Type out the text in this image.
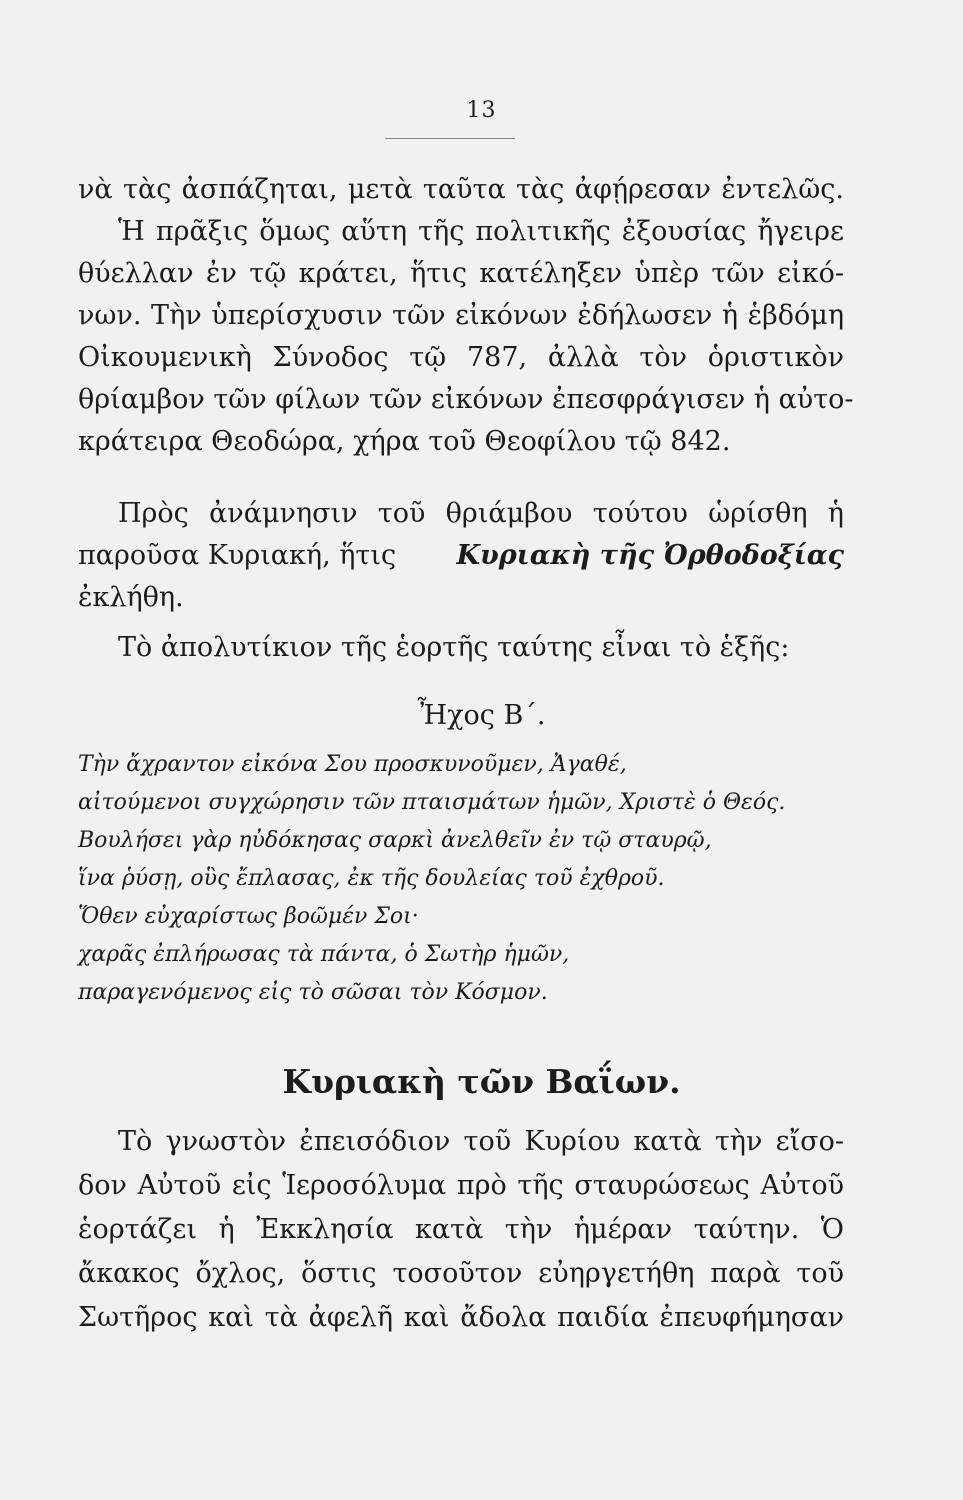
13
νὰ τὰς ἀσπάζηται, μετὰ ταῦτα τὰς ἀφῄρεσαν ἐντελῶς.
Ἡ πρᾶξις ὅμως αὕτη τῆς πολιτικῆς ἐξουσίας ἤγειρε
θύελλαν ἐν τῷ κράτει, ἥτις κατέληξεν ὑπὲρ τῶν εἰκό-
νων. Τὴν ὑπερίσχυσιν τῶν εἰκόνων ἐδήλωσεν ἡ ἑβδόμη
Οἰκουμενικὴ Σύνοδος τῷ 787, ἀλλὰ τὸν ὁριστικὸν
θρίαμβον τῶν φίλων τῶν εἰκόνων ἐπεσφράγισεν ἡ αὐτο-
κράτειρα Θεοδώρα, χήρα τοῦ Θεοφίλου τῷ 842.
Πρὸς ἀνάμνησιν τοῦ θριάμβου τούτου ὡρίσθη ἡ
παροῦσα Κυριακή, ἥτις Κυριακὴ τῆς Ὀρθοδοξίας
ἐκλήθη.
Τὸ ἀπολυτίκιον τῆς ἑορτῆς ταύτης εἶναι τὸ ἑξῆς:
Ἦχος Β΄.
Τὴν ἄχραντον εἰκόνα Σου προσκυνοῦμεν, Ἀγαθέ,
αἰτούμενοι συγχώρησιν τῶν πταισμάτων ἡμῶν, Χριστὲ ὁ Θεός.
Βουλήσει γὰρ ηὐδόκησας σαρκὶ ἀνελθεῖν ἐν τῷ σταυρῷ,
ἵνα ῥύσῃ, οὓς ἔπλασας, ἐκ τῆς δουλείας τοῦ ἐχθροῦ.
Ὅθεν εὐχαρίστως βοῶμέν Σοι·
χαρᾶς ἐπλήρωσας τὰ πάντα, ὁ Σωτὴρ ἡμῶν,
παραγενόμενος εἰς τὸ σῶσαι τὸν Κόσμον.
Κυριακὴ τῶν Βαΐων.
Τὸ γνωστὸν ἐπεισόδιον τοῦ Κυρίου κατὰ τὴν εἴσο-
δον Αὐτοῦ εἰς Ἱεροσόλυμα πρὸ τῆς σταυρώσεως Αὐτοῦ
ἑορτάζει ἡ Ἐκκλησία κατὰ τὴν ἡμέραν ταύτην. Ὁ
ἄκακος ὄχλος, ὅστις τοσοῦτον εὐηργετήθη παρὰ τοῦ
Σωτῆρος καὶ τὰ ἀφελῆ καὶ ἄδολα παιδία ἐπευφήμησαν
